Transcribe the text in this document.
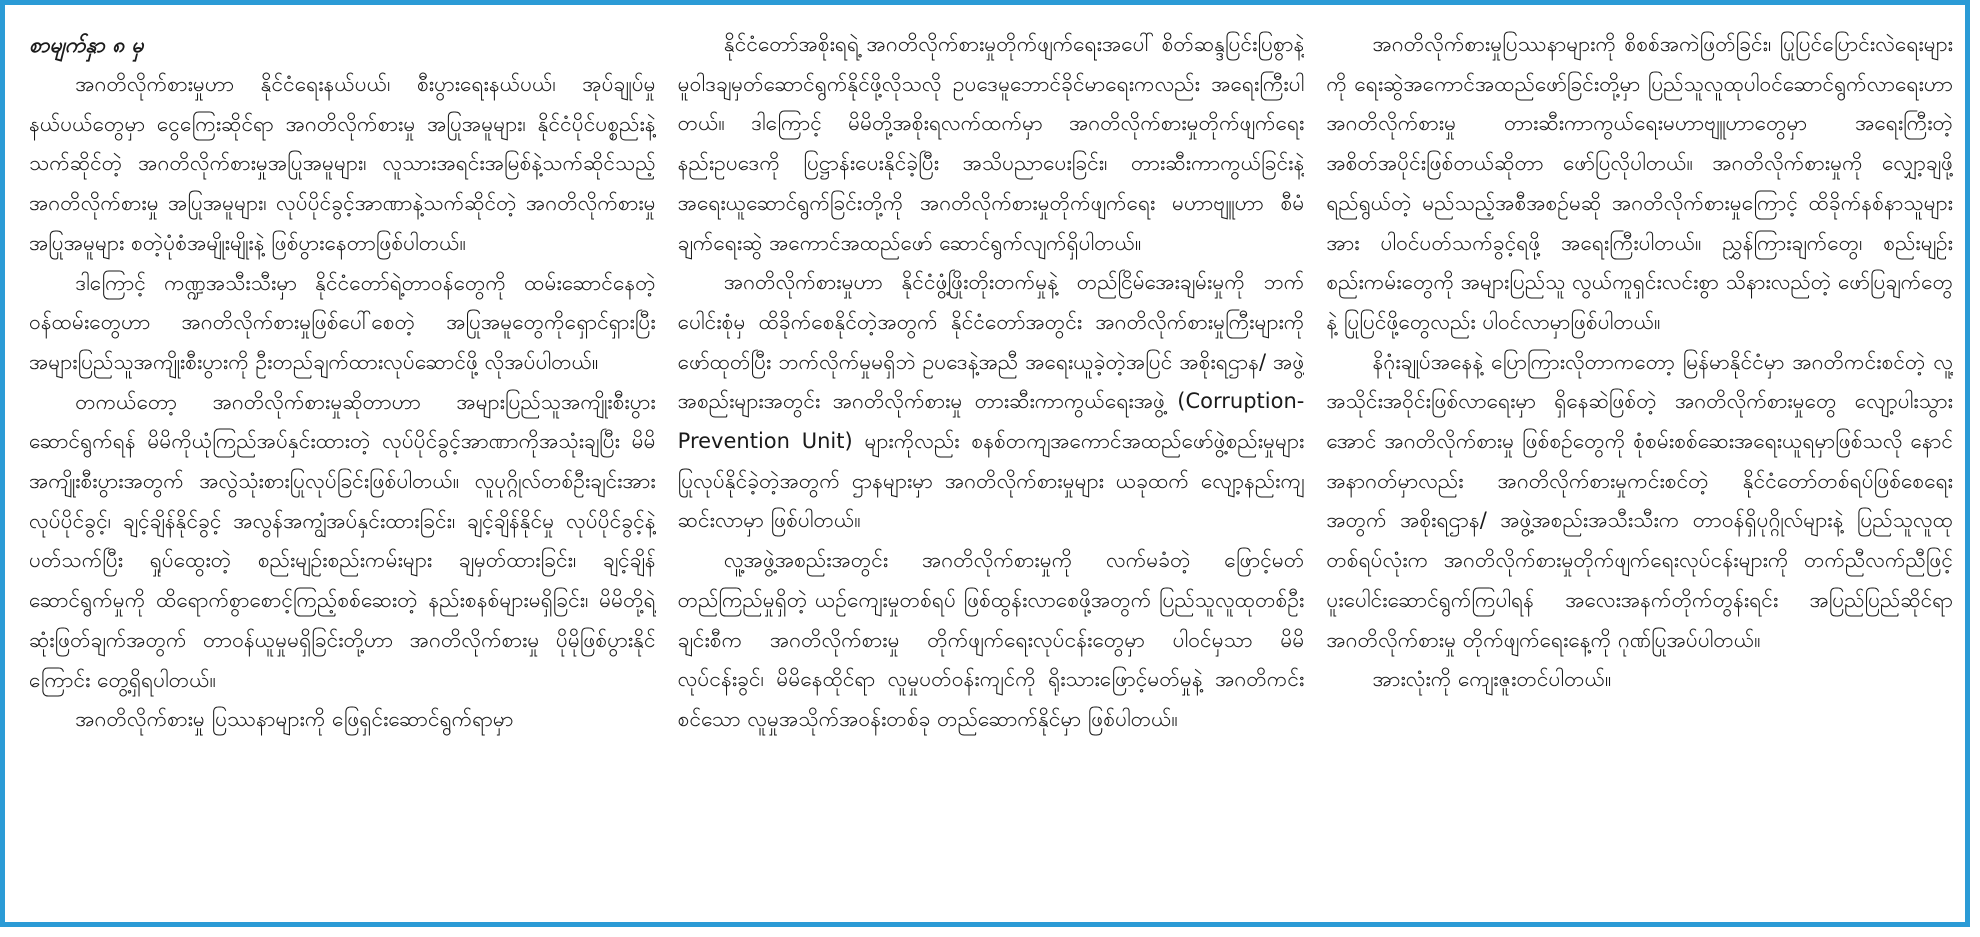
စာမျက်နှာ ၈ မှ

အဂတိလိုက်စားမှုဟာ နိုင်ငံရေးနယ်ပယ်၊ စီးပွားရေးနယ်ပယ်၊ အုပ်ချုပ်မှုနယ်ပယ်တွေမှာ ငွေကြေးဆိုင်ရာ အဂတိလိုက်စားမှု အပြုအမူများ၊ နိုင်ငံပိုင်ပစ္စည်းနဲ့သက်ဆိုင်တဲ့ အဂတိလိုက်စားမှုအပြုအမူများ၊ လူသားအရင်းအမြစ်နဲ့သက်ဆိုင်သည့် အဂတိလိုက်စားမှု အပြုအမူများ၊ လုပ်ပိုင်ခွင့်အာဏာနဲ့သက်ဆိုင်တဲ့ အဂတိလိုက်စားမှု အပြုအမူများ စတဲ့ပုံစံအမျိုးမျိုးနဲ့ ဖြစ်ပွားနေတာဖြစ်ပါတယ်။

ဒါကြောင့် ကဏ္ဍအသီးသီးမှာ နိုင်ငံတော်ရဲ့တာဝန်တွေကို ထမ်းဆောင်နေတဲ့ ဝန်ထမ်းတွေဟာ အဂတိလိုက်စားမှုဖြစ်ပေါ်စေတဲ့ အပြုအမူတွေကိုရှောင်ရှားပြီး အများပြည်သူအကျိုးစီးပွားကို ဦးတည်ချက်ထားလုပ်ဆောင်ဖို့ လိုအပ်ပါတယ်။

တကယ်တော့ အဂတိလိုက်စားမှုဆိုတာဟာ အများပြည်သူအကျိုးစီးပွားဆောင်ရွက်ရန် မိမိကိုယုံကြည်အပ်နှင်းထားတဲ့ လုပ်ပိုင်ခွင့်အာဏာကိုအသုံးချပြီး မိမိအကျိုးစီးပွားအတွက် အလွဲသုံးစားပြုလုပ်ခြင်းဖြစ်ပါတယ်။ လူပုဂ္ဂိုလ်တစ်ဦးချင်းအား လုပ်ပိုင်ခွင့်၊ ချင့်ချိန်နိုင်ခွင့် အလွန်အကျွံအပ်နှင်းထားခြင်း၊ ချင့်ချိန်နိုင်မှု လုပ်ပိုင်ခွင့်နဲ့ ပတ်သက်ပြီး ရှုပ်ထွေးတဲ့ စည်းမျဉ်းစည်းကမ်းများ ချမှတ်ထားခြင်း၊ ချင့်ချိန်ဆောင်ရွက်မှုကို ထိရောက်စွာစောင့်ကြည့်စစ်ဆေးတဲ့ နည်းစနစ်များမရှိခြင်း၊ မိမိတို့ရဲ့ ဆုံးဖြတ်ချက်အတွက် တာဝန်ယူမှုမရှိခြင်းတို့ဟာ အဂတိလိုက်စားမှု ပိုမိုဖြစ်ပွားနိုင်ကြောင်း တွေ့ရှိရပါတယ်။

အဂတိလိုက်စားမှု ပြဿနာများကို ဖြေရှင်းဆောင်ရွက်ရာမှာ

နိုင်ငံတော်အစိုးရရဲ့ အဂတိလိုက်စားမှုတိုက်ဖျက်ရေးအပေါ် စိတ်ဆန္ဒပြင်းပြစွာနဲ့ မူဝါဒချမှတ်ဆောင်ရွက်နိုင်ဖို့လိုသလို ဥပဒေမူဘောင်ခိုင်မာရေးကလည်း အရေးကြီးပါတယ်။ ဒါကြောင့် မိမိတို့အစိုးရလက်ထက်မှာ အဂတိလိုက်စားမှုတိုက်ဖျက်ရေးနည်းဥပဒေကို ပြဋ္ဌာန်းပေးနိုင်ခဲ့ပြီး အသိပညာပေးခြင်း၊ တားဆီးကာကွယ်ခြင်းနဲ့ အရေးယူဆောင်ရွက်ခြင်းတို့ကို အဂတိလိုက်စားမှုတိုက်ဖျက်ရေး မဟာဗျူဟာ စီမံချက်ရေးဆွဲ အကောင်အထည်ဖော် ဆောင်ရွက်လျက်ရှိပါတယ်။

အဂတိလိုက်စားမှုဟာ နိုင်ငံဖွံ့ဖြိုးတိုးတက်မှုနဲ့ တည်ငြိမ်အေးချမ်းမှုကို ဘက်ပေါင်းစုံမှ ထိခိုက်စေနိုင်တဲ့အတွက် နိုင်ငံတော်အတွင်း အဂတိလိုက်စားမှုကြီးများကို ဖော်ထုတ်ပြီး ဘက်လိုက်မှုမရှိဘဲ ဥပဒေနဲ့အညီ အရေးယူခဲ့တဲ့အပြင် အစိုးရဌာန/ အဖွဲ့အစည်းများအတွင်း အဂတိလိုက်စားမှု တားဆီးကာကွယ်ရေးအဖွဲ့ (Corruption-Prevention Unit) များကိုလည်း စနစ်တကျအကောင်အထည်ဖော်ဖွဲ့စည်းမှုများ ပြုလုပ်နိုင်ခဲ့တဲ့အတွက် ဌာနများမှာ အဂတိလိုက်စားမှုများ ယခုထက် လျော့နည်းကျဆင်းလာမှာ ဖြစ်ပါတယ်။

လူ့အဖွဲ့အစည်းအတွင်း အဂတိလိုက်စားမှုကို လက်မခံတဲ့ ဖြောင့်မတ်တည်ကြည်မှုရှိတဲ့ ယဉ်ကျေးမှုတစ်ရပ် ဖြစ်ထွန်းလာစေဖို့အတွက် ပြည်သူလူထုတစ်ဦးချင်းစီက အဂတိလိုက်စားမှု တိုက်ဖျက်ရေးလုပ်ငန်းတွေမှာ ပါဝင်မှသာ မိမိလုပ်ငန်းခွင်၊ မိမိနေထိုင်ရာ လူမှုပတ်ဝန်းကျင်ကို ရိုးသားဖြောင့်မတ်မှုနဲ့ အဂတိကင်းစင်သော လူမှုအသိုက်အဝန်းတစ်ခု တည်ဆောက်နိုင်မှာ ဖြစ်ပါတယ်။

အဂတိလိုက်စားမှုပြဿနာများကို စိစစ်အကဲဖြတ်ခြင်း၊ ပြုပြင်ပြောင်းလဲရေးများကို ရေးဆွဲအကောင်အထည်ဖော်ခြင်းတို့မှာ ပြည်သူလူထုပါဝင်ဆောင်ရွက်လာရေးဟာ အဂတိလိုက်စားမှု တားဆီးကာကွယ်ရေးမဟာဗျူဟာတွေမှာ အရေးကြီးတဲ့အစိတ်အပိုင်းဖြစ်တယ်ဆိုတာ ဖော်ပြလိုပါတယ်။ အဂတိလိုက်စားမှုကို လျှော့ချဖို့ ရည်ရွယ်တဲ့ မည်သည့်အစီအစဉ်မဆို အဂတိလိုက်စားမှုကြောင့် ထိခိုက်နစ်နာသူများအား ပါဝင်ပတ်သက်ခွင့်ရဖို့ အရေးကြီးပါတယ်။ ညွှန်ကြားချက်တွေ၊ စည်းမျဉ်းစည်းကမ်းတွေကို အများပြည်သူ လွယ်ကူရှင်းလင်းစွာ သိနားလည်တဲ့ ဖော်ပြချက်တွေနဲ့ ပြုပြင်ဖို့တွေလည်း ပါဝင်လာမှာဖြစ်ပါတယ်။

နိဂုံးချုပ်အနေနဲ့ ပြောကြားလိုတာကတော့ မြန်မာနိုင်ငံမှာ အဂတိကင်းစင်တဲ့ လူ့အသိုင်းအဝိုင်းဖြစ်လာရေးမှာ ရှိနေဆဲဖြစ်တဲ့ အဂတိလိုက်စားမှုတွေ လျော့ပါးသွားအောင် အဂတိလိုက်စားမှု ဖြစ်စဉ်တွေကို စုံစမ်းစစ်ဆေးအရေးယူရမှာဖြစ်သလို နောင်အနာဂတ်မှာလည်း အဂတိလိုက်စားမှုကင်းစင်တဲ့ နိုင်ငံတော်တစ်ရပ်ဖြစ်စေရေးအတွက် အစိုးရဌာန/ အဖွဲ့အစည်းအသီးသီးက တာဝန်ရှိပုဂ္ဂိုလ်များနဲ့ ပြည်သူလူထုတစ်ရပ်လုံးက အဂတိလိုက်စားမှုတိုက်ဖျက်ရေးလုပ်ငန်းများကို တက်ညီလက်ညီဖြင့် ပူးပေါင်းဆောင်ရွက်ကြပါရန် အလေးအနက်တိုက်တွန်းရင်း အပြည်ပြည်ဆိုင်ရာ အဂတိလိုက်စားမှု တိုက်ဖျက်ရေးနေ့ကို ဂုဏ်ပြုအပ်ပါတယ်။

အားလုံးကို ကျေးဇူးတင်ပါတယ်။
